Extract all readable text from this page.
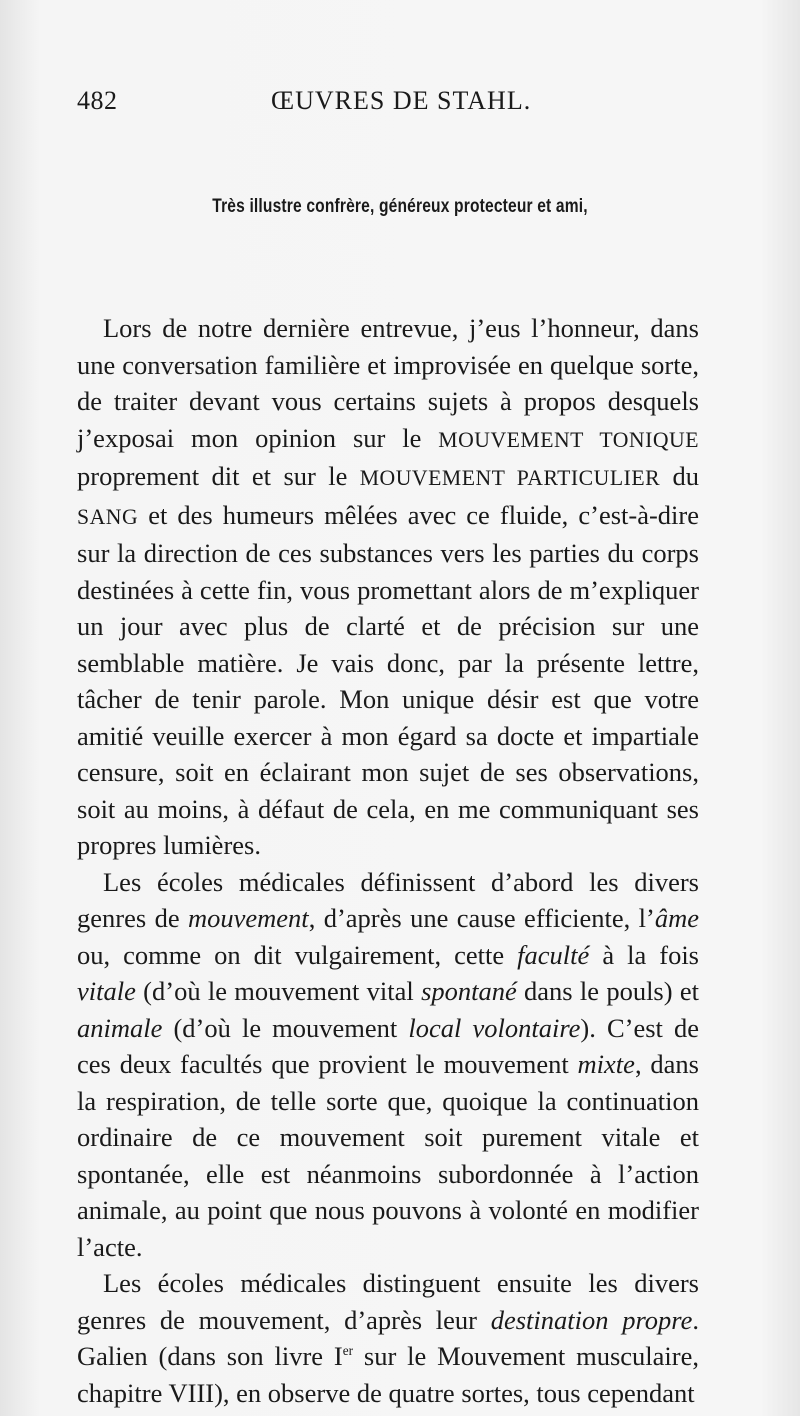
482	ŒUVRES DE STAHL.
Très illustre confrère, généreux protecteur et ami,

Lors de notre dernière entrevue, j’eus l’honneur, dans une conversation familière et improvisée en quelque sorte, de traiter devant vous certains sujets à propos desquels j’exposai mon opinion sur le MOUVEMENT TONIQUE proprement dit et sur le MOUVEMENT PARTICULIER du SANG et des humeurs mêlées avec ce fluide, c’est-à-dire sur la direction de ces substances vers les parties du corps destinées à cette fin, vous promettant alors de m’expliquer un jour avec plus de clarté et de précision sur une semblable matière. Je vais donc, par la présente lettre, tâcher de tenir parole. Mon unique désir est que votre amitié veuille exercer à mon égard sa docte et impartiale censure, soit en éclairant mon sujet de ses observations, soit au moins, à défaut de cela, en me communiquant ses propres lumières.

Les écoles médicales définissent d’abord les divers genres de mouvement, d’après une cause efficiente, l’âme ou, comme on dit vulgairement, cette faculté à la fois vitale (d’où le mouvement vital spontané dans le pouls) et animale (d’où le mouvement local volontaire). C’est de ces deux facultés que provient le mouvement mixte, dans la respiration, de telle sorte que, quoique la continuation ordinaire de ce mouvement soit purement vitale et spontanée, elle est néanmoins subordonnée à l’action animale, au point que nous pouvons à volonté en modifier l’acte.

Les écoles médicales distinguent ensuite les divers genres de mouvement, d’après leur destination propre. Galien (dans son livre Ier sur le Mouvement musculaire, chapitre VIII), en observe de quatre sortes, tous cependant
